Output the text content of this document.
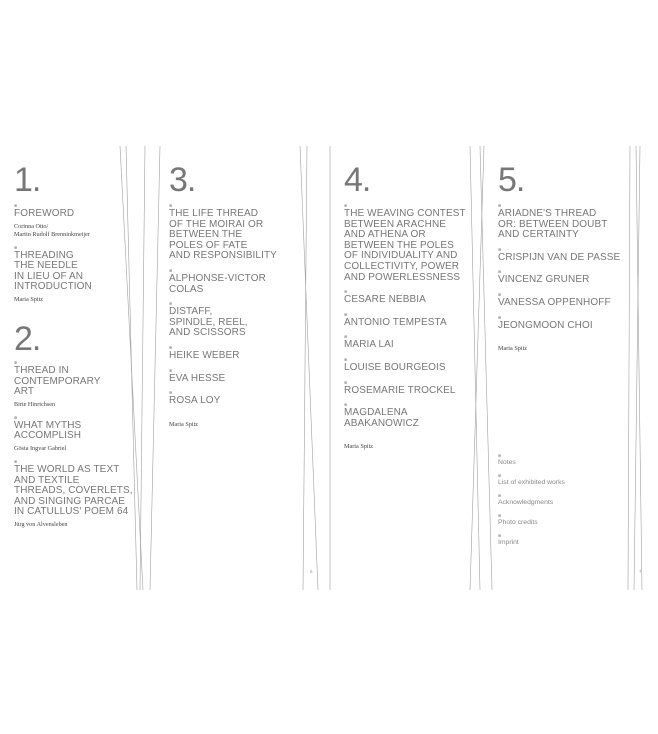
1.
■
FOREWORD
Corinna Otto/
Martin Rudolf Brenninkmeijer
■
THREADING
THE NEEDLE
IN LIEU OF AN
INTRODUCTION
Maria Spitz
2.
■
THREAD IN
CONTEMPORARY
ART
Birte Hinrichsen
■
WHAT MYTHS
ACCOMPLISH
Gösta Ingvar Gabriel
■
THE WORLD AS TEXT
AND TEXTILE
THREADS, COVERLETS,
AND SINGING PARCAE
IN CATULLUS' POEM 64
Jürg von Alvensleben
3.
■
THE LIFE THREAD
OF THE MOIRAI OR
BETWEEN THE
POLES OF FATE
AND RESPONSIBILITY
■
ALPHONSE-VICTOR
COLAS
■
DISTAFF,
SPINDLE, REEL,
AND SCISSORS
■
HEIKE WEBER
■
EVA HESSE
■
ROSA LOY
Maria Spitz
4.
■
THE WEAVING CONTEST
BETWEEN ARACHNE
AND ATHENA OR
BETWEEN THE POLES
OF INDIVIDUALITY AND
COLLECTIVITY, POWER
AND POWERLESSNESS
■
CESARE NEBBIA
■
ANTONIO TEMPESTA
■
MARIA LAI
■
LOUISE BOURGEOIS
■
ROSEMARIE TROCKEL
■
MAGDALENA
ABAKANOWICZ
Maria Spitz
5.
■
ARIADNE'S THREAD
OR: BETWEEN DOUBT
AND CERTAINTY
■
CRISPIJN VAN DE PASSE
■
VINCENZ GRUNER
■
VANESSA OPPENHOFF
■
JEONGMOON CHOI
Maria Spitz
■
Notes
■
List of exhibited works
■
Acknowledgments
■
Photo credits
■
Imprint
6	7
